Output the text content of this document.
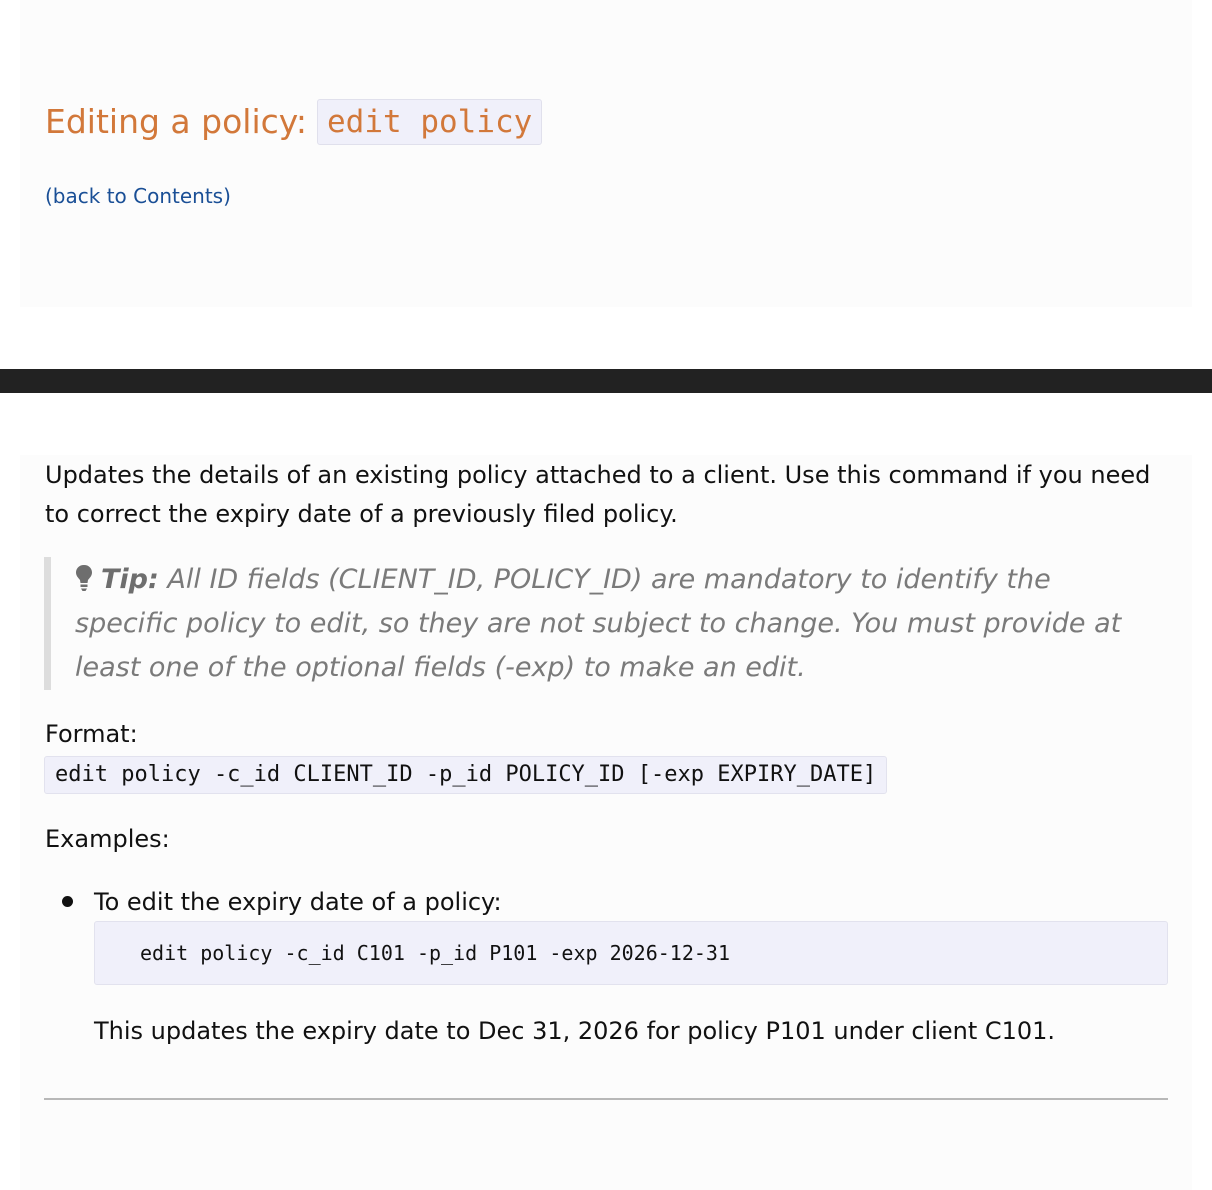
Editing a policy: edit policy
(back to Contents)

Updates the details of an existing policy attached to a client. Use this command if you need to correct the expiry date of a previously filed policy.

Tip: All ID fields (CLIENT_ID, POLICY_ID) are mandatory to identify the specific policy to edit, so they are not subject to change. You must provide at least one of the optional fields (-exp) to make an edit.

Format:
edit policy -c_id CLIENT_ID -p_id POLICY_ID [-exp EXPIRY_DATE]
Examples:
To edit the expiry date of a policy:
edit policy -c_id C101 -p_id P101 -exp 2026-12-31
This updates the expiry date to Dec 31, 2026 for policy P101 under client C101.
